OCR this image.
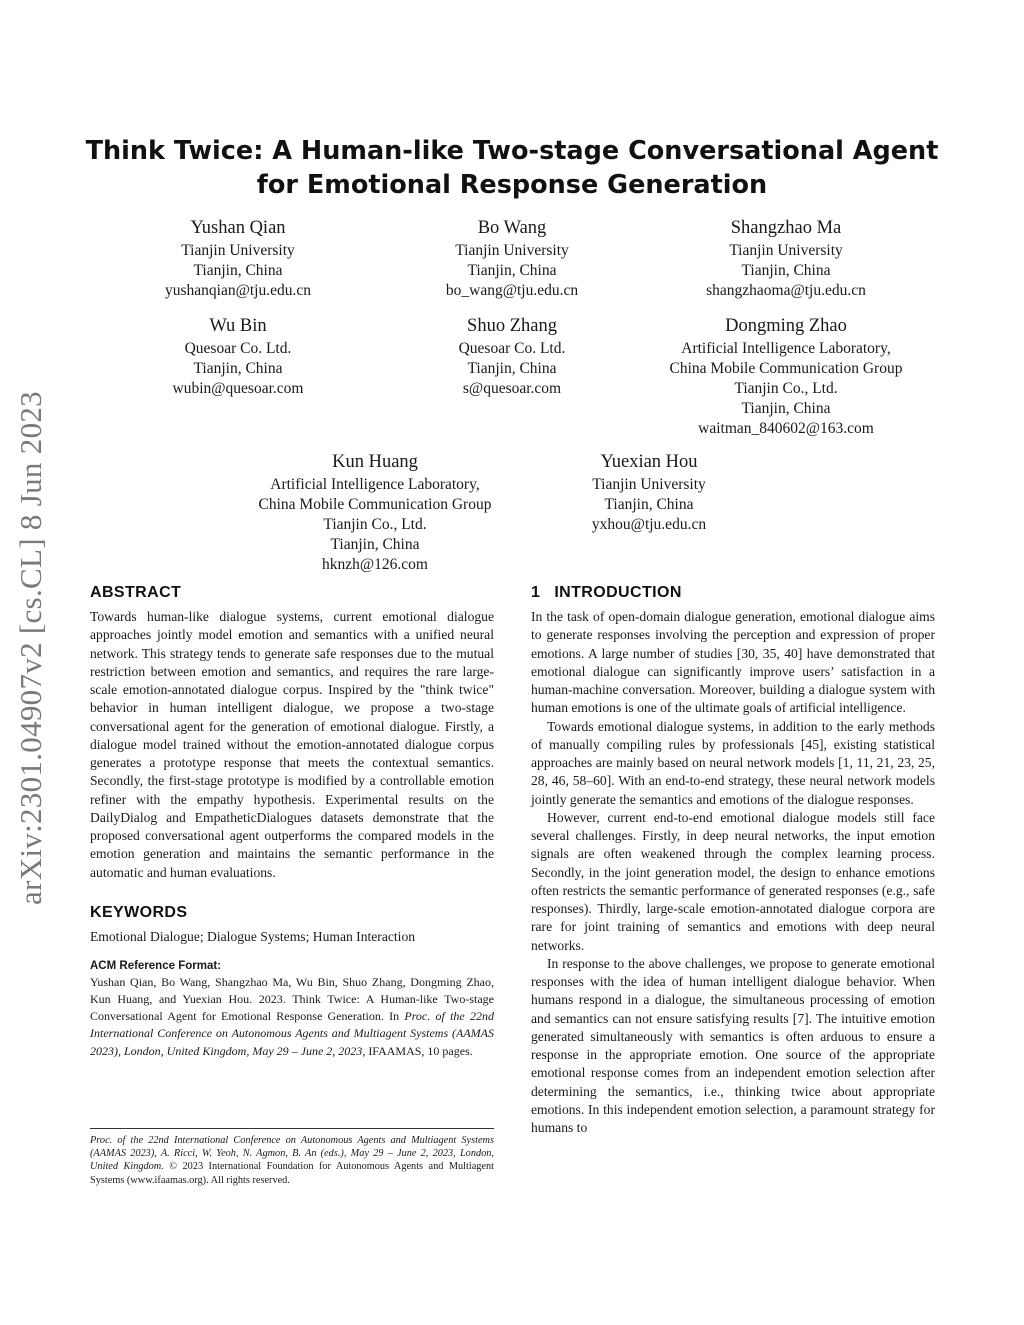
arXiv:2301.04907v2 [cs.CL] 8 Jun 2023
Think Twice: A Human-like Two-stage Conversational Agent for Emotional Response Generation
Yushan Qian
Tianjin University
Tianjin, China
yushanqian@tju.edu.cn
Bo Wang
Tianjin University
Tianjin, China
bo_wang@tju.edu.cn
Shangzhao Ma
Tianjin University
Tianjin, China
shangzhaoma@tju.edu.cn
Wu Bin
Quesoar Co. Ltd.
Tianjin, China
wubin@quesoar.com
Shuo Zhang
Quesoar Co. Ltd.
Tianjin, China
s@quesoar.com
Dongming Zhao
Artificial Intelligence Laboratory,
China Mobile Communication Group
Tianjin Co., Ltd.
Tianjin, China
waitman_840602@163.com
Kun Huang
Artificial Intelligence Laboratory,
China Mobile Communication Group
Tianjin Co., Ltd.
Tianjin, China
hknzh@126.com
Yuexian Hou
Tianjin University
Tianjin, China
yxhou@tju.edu.cn
ABSTRACT

Towards human-like dialogue systems, current emotional dialogue approaches jointly model emotion and semantics with a unified neural network. This strategy tends to generate safe responses due to the mutual restriction between emotion and semantics, and requires the rare large-scale emotion-annotated dialogue corpus. Inspired by the "think twice" behavior in human intelligent dialogue, we propose a two-stage conversational agent for the generation of emotional dialogue. Firstly, a dialogue model trained without the emotion-annotated dialogue corpus generates a prototype response that meets the contextual semantics. Secondly, the first-stage prototype is modified by a controllable emotion refiner with the empathy hypothesis. Experimental results on the DailyDialog and EmpatheticDialogues datasets demonstrate that the proposed conversational agent outperforms the compared models in the emotion generation and maintains the semantic performance in the automatic and human evaluations.

KEYWORDS

Emotional Dialogue; Dialogue Systems; Human Interaction

ACM Reference Format:

Yushan Qian, Bo Wang, Shangzhao Ma, Wu Bin, Shuo Zhang, Dongming Zhao, Kun Huang, and Yuexian Hou. 2023. Think Twice: A Human-like Two-stage Conversational Agent for Emotional Response Generation. In Proc. of the 22nd International Conference on Autonomous Agents and Multiagent Systems (AAMAS 2023), London, United Kingdom, May 29 – June 2, 2023, IFAAMAS, 10 pages.

Proc. of the 22nd International Conference on Autonomous Agents and Multiagent Systems (AAMAS 2023), A. Ricci, W. Yeoh, N. Agmon, B. An (eds.), May 29 – June 2, 2023, London, United Kingdom. © 2023 International Foundation for Autonomous Agents and Multiagent Systems (www.ifaamas.org). All rights reserved.
1 INTRODUCTION

In the task of open-domain dialogue generation, emotional dialogue aims to generate responses involving the perception and expression of proper emotions. A large number of studies [30, 35, 40] have demonstrated that emotional dialogue can significantly improve users’ satisfaction in a human-machine conversation. Moreover, building a dialogue system with human emotions is one of the ultimate goals of artificial intelligence.

Towards emotional dialogue systems, in addition to the early methods of manually compiling rules by professionals [45], existing statistical approaches are mainly based on neural network models [1, 11, 21, 23, 25, 28, 46, 58–60]. With an end-to-end strategy, these neural network models jointly generate the semantics and emotions of the dialogue responses.

However, current end-to-end emotional dialogue models still face several challenges. Firstly, in deep neural networks, the input emotion signals are often weakened through the complex learning process. Secondly, in the joint generation model, the design to enhance emotions often restricts the semantic performance of generated responses (e.g., safe responses). Thirdly, large-scale emotion-annotated dialogue corpora are rare for joint training of semantics and emotions with deep neural networks.

In response to the above challenges, we propose to generate emotional responses with the idea of human intelligent dialogue behavior. When humans respond in a dialogue, the simultaneous processing of emotion and semantics can not ensure satisfying results [7]. The intuitive emotion generated simultaneously with semantics is often arduous to ensure a response in the appropriate emotion. One source of the appropriate emotional response comes from an independent emotion selection after determining the semantics, i.e., thinking twice about appropriate emotions. In this independent emotion selection, a paramount strategy for humans to
